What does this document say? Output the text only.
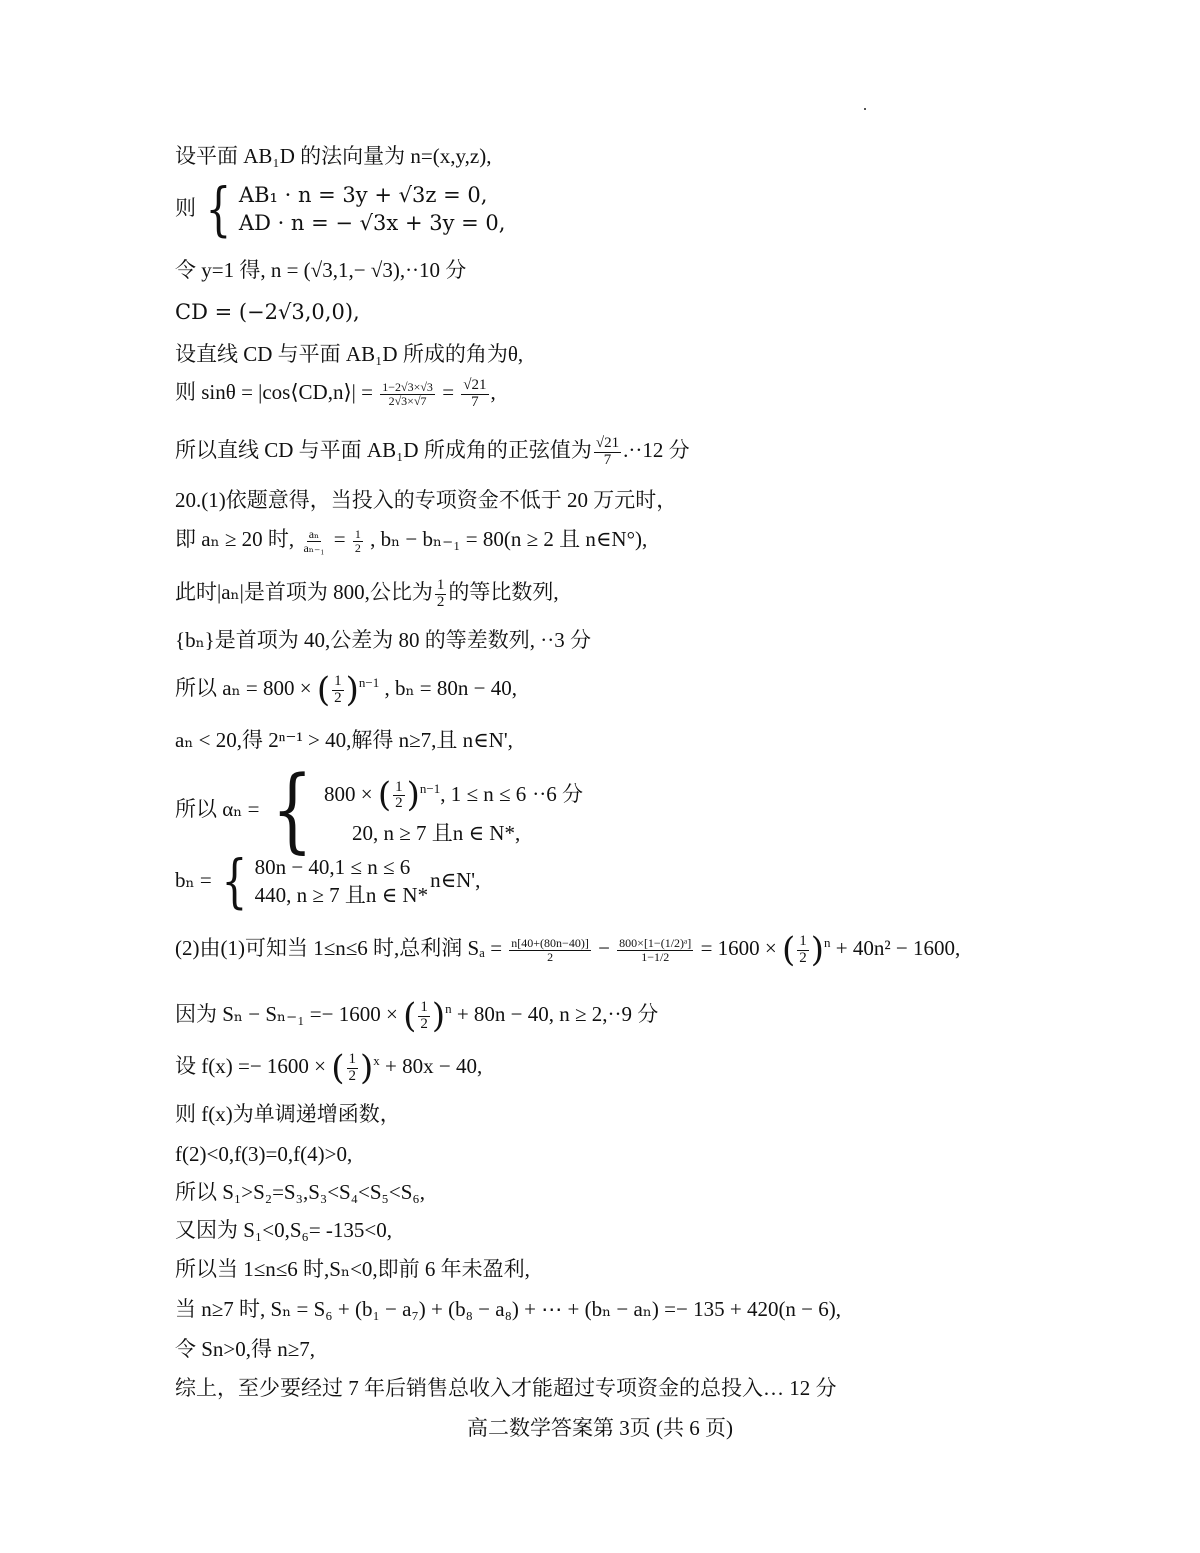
设平面 AB₁D 的法向量为 n=(x,y,z),
则 { AB₁ · n = 3y + √3z = 0,
AD · n = − √3x + 3y = 0,
令 y=1 得, n = (√3,1,− √3),··10 分
CD = (−2√3,0,0),
设直线 CD 与平面 AB₁D 所成的角为θ,
则 sinθ = |cos⟨CD,n⟩| = $\frac{1-2√3\times√3}{2√3\times√7} = \frac{√21}{7}$ ,
所以直线 CD 与平面 AB₁D 所成角的正弦值为 $\frac{√21}{7} .\cdot\cdot 12$ 分
20.(1)依题意得，当投入的专项资金不低于 20 万元时，
即 aₙ ≥ 20 时, $\frac{\text{aₙ}}{\text{aₙ₋₁}} = \frac{1}{2}$ , bₙ − bₙ₋₁ = 80(n ≥ 2 且 n∈N°),
此时|aₙ|是首项为 800,公比为 $\frac{1}{2}$ 的等比数列,
{bₙ}是首项为 40,公差为 80 的等差数列, ··3 分
所以 aₙ = 800 × ( $\frac{1}{2} )^{n-1}$ , bₙ = 80n − 40,
aₙ < 20,得 2ⁿ⁻¹ > 40,解得 n≥7,且 n∈N',
所以 αₙ = { 800 × ( $\frac{1}{2} )^{n-1}$, 1 ≤ n ≤ 6 ··6 分
20, n ≥ 7 且n ∈ N*,
bₙ = { 80n − 40,1 ≤ n ≤ 6
440, n ≥ 7 且n ∈ N*
n∈N',
(2)由(1)可知当 1≤n≤6 时,总利润 $S_a = \frac{n[40+(80n-40)]}{2} - \frac{\text{800×[1−(1/2)ᵃ]}}{1-1/2} = 1600$ × ( $\frac{1}{2} )^n + 40n^2 - 1600$,
因为 Sₙ − Sₙ₋₁ =− 1600 × ( $\frac{1}{2} )^n + 80n - 40$, n ≥ 2,··9 分
设 f(x) =− 1600 × ( $\frac{1}{2} )^x + 80x - 40$,
则 f(x)为单调递增函数，
f(2)<0,f(3)=0,f(4)>0,
所以 S₁>S₂=S₃,S₃<S₄<S₅<S₆,
又因为 S₁<0,S₆= -135<0,
所以当 1≤n≤6 时,Sₙ<0,即前 6 年未盈利,
当 n≥7 时, Sₙ = S₆ + (b₁ − a₇) + (b₈ − a₈) + ⋯ + (bₙ − aₙ) =− 135 + 420(n − 6),
令 Sn>0,得 n≥7,
综上，至少要经过 7 年后销售总收入才能超过专项资金的总投入… 12 分
高二数学答案第 3页 (共 6 页)
